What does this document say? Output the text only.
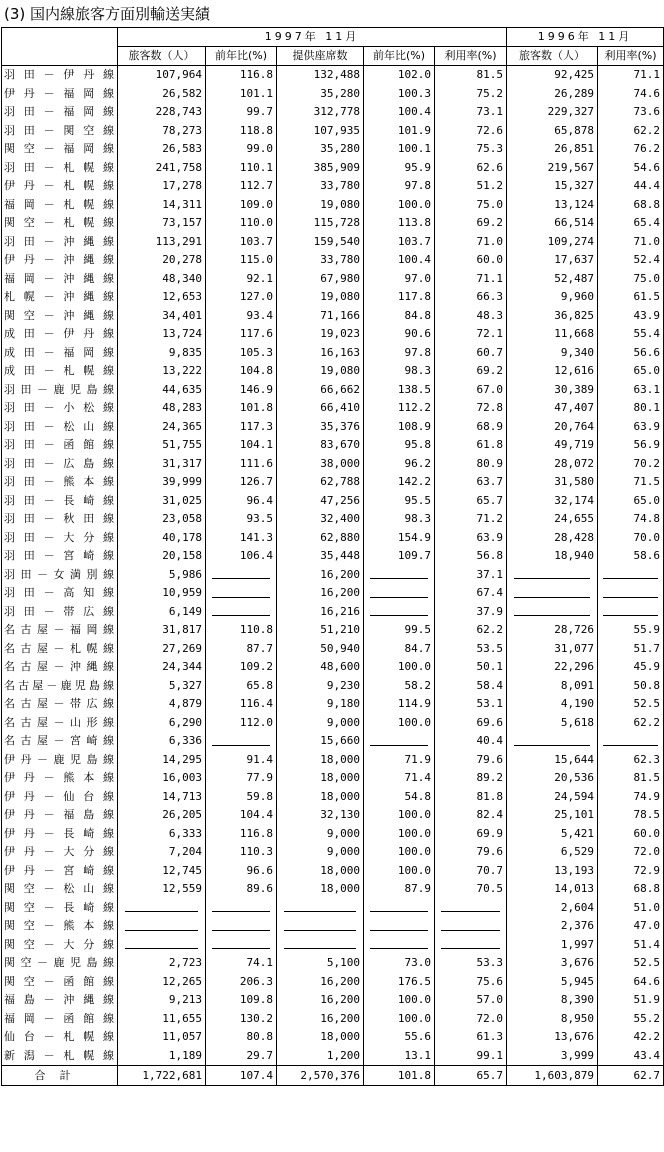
(3) 国内線旅客方面別輸送実績
	1997年 11月					1996年 11月	
	旅客数（人）	前年比(%)	提供座席数	前年比(%)	利用率(%)	旅客数（人）	利用率(%)
羽田－伊丹線	107,964	116.8	132,488	102.0	81.5	92,425	71.1
伊丹－福岡線	26,582	101.1	35,280	100.3	75.2	26,289	74.6
羽田－福岡線	228,743	99.7	312,778	100.4	73.1	229,327	73.6
羽田－関空線	78,273	118.8	107,935	101.9	72.6	65,878	62.2
関空－福岡線	26,583	99.0	35,280	100.1	75.3	26,851	76.2
羽田－札幌線	241,758	110.1	385,909	95.9	62.6	219,567	54.6
伊丹－札幌線	17,278	112.7	33,780	97.8	51.2	15,327	44.4
福岡－札幌線	14,311	109.0	19,080	100.0	75.0	13,124	68.8
関空－札幌線	73,157	110.0	115,728	113.8	69.2	66,514	65.4
羽田－沖縄線	113,291	103.7	159,540	103.7	71.0	109,274	71.0
伊丹－沖縄線	20,278	115.0	33,780	100.4	60.0	17,637	52.4
福岡－沖縄線	48,340	92.1	67,980	97.0	71.1	52,487	75.0
札幌－沖縄線	12,653	127.0	19,080	117.8	66.3	9,960	61.5
関空－沖縄線	34,401	93.4	71,166	84.8	48.3	36,825	43.9
成田－伊丹線	13,724	117.6	19,023	90.6	72.1	11,668	55.4
成田－福岡線	9,835	105.3	16,163	97.8	60.7	9,340	56.6
成田－札幌線	13,222	104.8	19,080	98.3	69.2	12,616	65.0
羽田－鹿児島線	44,635	146.9	66,662	138.5	67.0	30,389	63.1
羽田－小松線	48,283	101.8	66,410	112.2	72.8	47,407	80.1
羽田－松山線	24,365	117.3	35,376	108.9	68.9	20,764	63.9
羽田－函館線	51,755	104.1	83,670	95.8	61.8	49,719	56.9
羽田－広島線	31,317	111.6	38,000	96.2	80.9	28,072	70.2
羽田－熊本線	39,999	126.7	62,788	142.2	63.7	31,580	71.5
羽田－長崎線	31,025	96.4	47,256	95.5	65.7	32,174	65.0
羽田－秋田線	23,058	93.5	32,400	98.3	71.2	24,655	74.8
羽田－大分線	40,178	141.3	62,880	154.9	63.9	28,428	70.0
羽田－宮崎線	20,158	106.4	35,448	109.7	56.8	18,940	58.6
羽田－女満別線	5,986		16,200		37.1		
羽田－高知線	10,959		16,200		67.4		
羽田－帯広線	6,149		16,216		37.9		
名古屋－福岡線	31,817	110.8	51,210	99.5	62.2	28,726	55.9
名古屋－札幌線	27,269	87.7	50,940	84.7	53.5	31,077	51.7
名古屋－沖縄線	24,344	109.2	48,600	100.0	50.1	22,296	45.9
名古屋－鹿児島線	5,327	65.8	9,230	58.2	58.4	8,091	50.8
名古屋－帯広線	4,879	116.4	9,180	114.9	53.1	4,190	52.5
名古屋－山形線	6,290	112.0	9,000	100.0	69.6	5,618	62.2
名古屋－宮崎線	6,336		15,660		40.4		
伊丹－鹿児島線	14,295	91.4	18,000	71.9	79.6	15,644	62.3
伊丹－熊本線	16,003	77.9	18,000	71.4	89.2	20,536	81.5
伊丹－仙台線	14,713	59.8	18,000	54.8	81.8	24,594	74.9
伊丹－福島線	26,205	104.4	32,130	100.0	82.4	25,101	78.5
伊丹－長崎線	6,333	116.8	9,000	100.0	69.9	5,421	60.0
伊丹－大分線	7,204	110.3	9,000	100.0	79.6	6,529	72.0
伊丹－宮崎線	12,745	96.6	18,000	100.0	70.7	13,193	72.9
関空－松山線	12,559	89.6	18,000	87.9	70.5	14,013	68.8
関空－長崎線						2,604	51.0
関空－熊本線						2,376	47.0
関空－大分線						1,997	51.4
関空－鹿児島線	2,723	74.1	5,100	73.0	53.3	3,676	52.5
関空－函館線	12,265	206.3	16,200	176.5	75.6	5,945	64.6
福島－沖縄線	9,213	109.8	16,200	100.0	57.0	8,390	51.9
福岡－函館線	11,655	130.2	16,200	100.0	72.0	8,950	55.2
仙台－札幌線	11,057	80.8	18,000	55.6	61.3	13,676	42.2
新潟－札幌線	1,189	29.7	1,200	13.1	99.1	3,999	43.4
合計	1,722,681	107.4	2,570,376	101.8	65.7	1,603,879	62.7
